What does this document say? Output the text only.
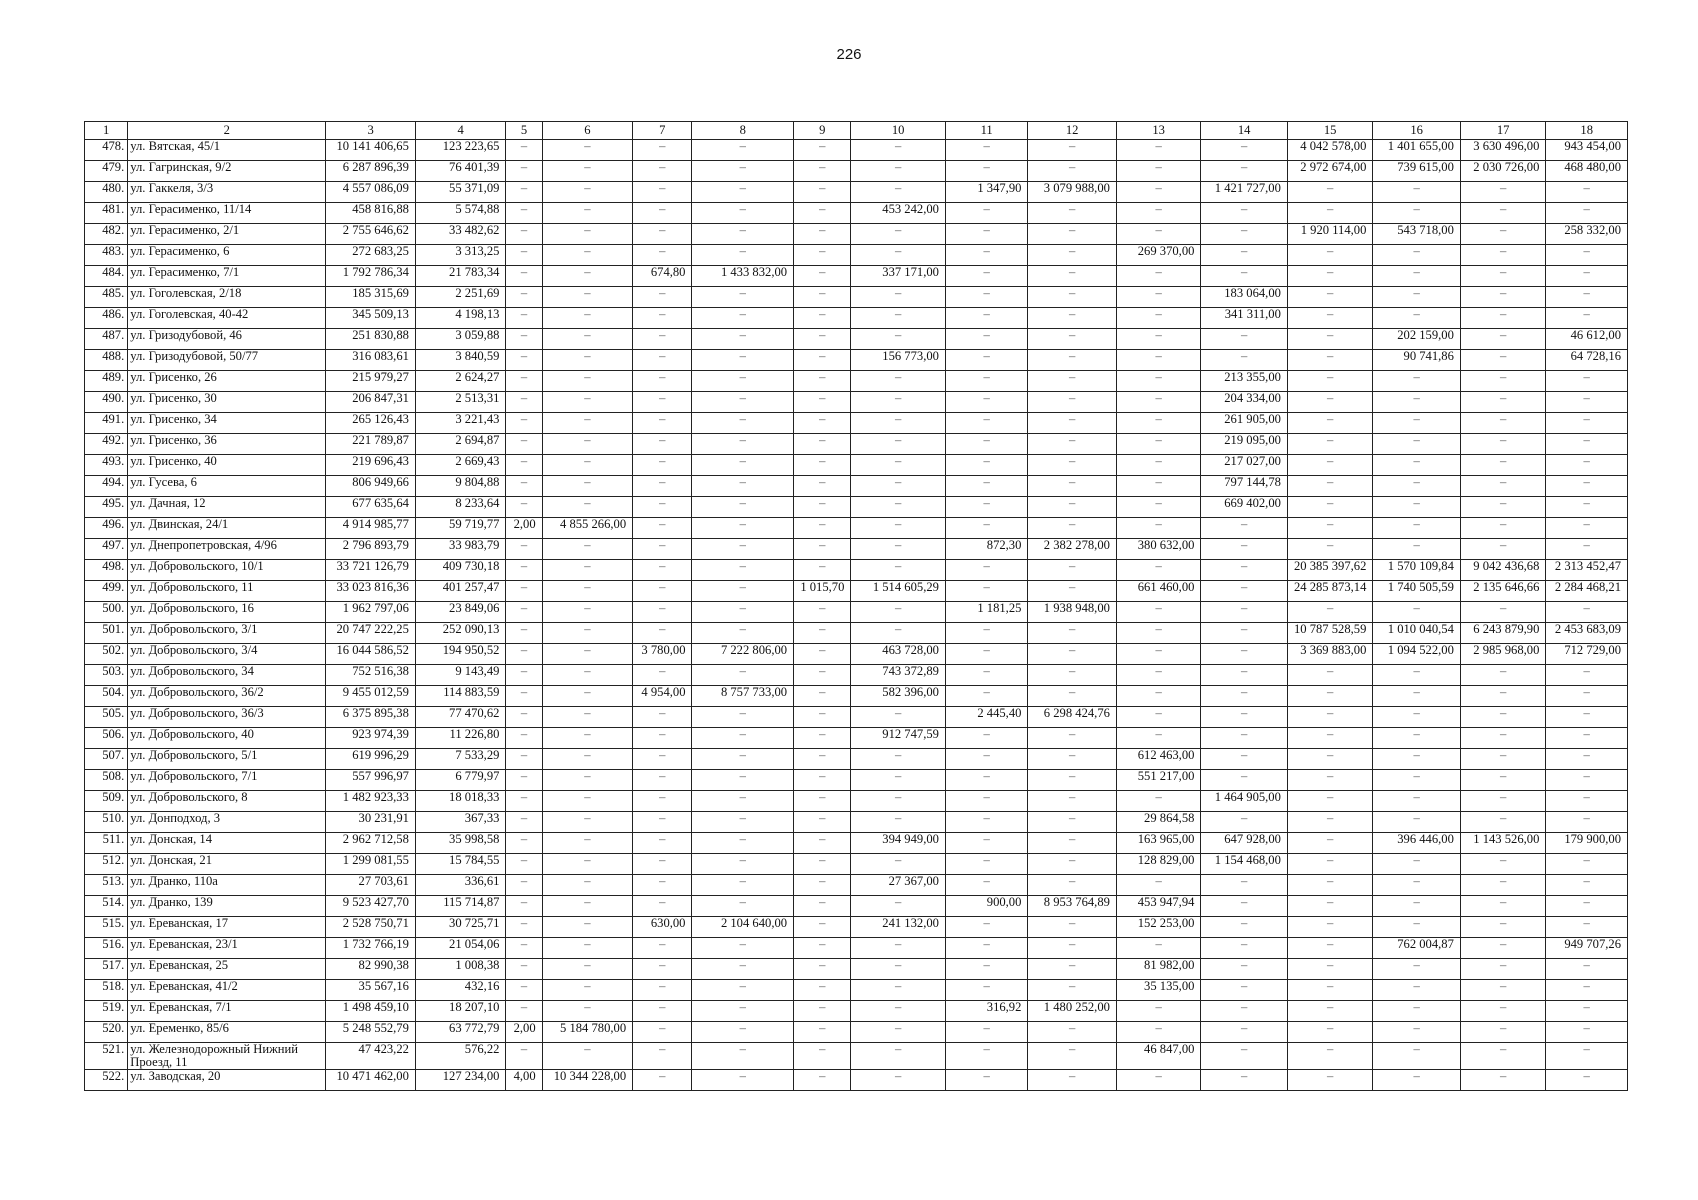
226
1	2	3	4	5	6	7	8	9	10	11	12	13	14	15	16	17	18
478.	ул. Вятская, 45/1	10 141 406,65	123 223,65	–	–	–	–	–	–	–	–	–	–	4 042 578,00	1 401 655,00	3 630 496,00	943 454,00
479.	ул. Гагринская, 9/2	6 287 896,39	76 401,39	–	–	–	–	–	–	–	–	–	–	2 972 674,00	739 615,00	2 030 726,00	468 480,00
480.	ул. Гаккеля, 3/3	4 557 086,09	55 371,09	–	–	–	–	–	–	1 347,90	3 079 988,00	–	1 421 727,00	–	–	–	–
481.	ул. Герасименко, 11/14	458 816,88	5 574,88	–	–	–	–	–	453 242,00	–	–	–	–	–	–	–	–
482.	ул. Герасименко, 2/1	2 755 646,62	33 482,62	–	–	–	–	–	–	–	–	–	–	1 920 114,00	543 718,00	–	258 332,00
483.	ул. Герасименко, 6	272 683,25	3 313,25	–	–	–	–	–	–	–	–	269 370,00	–	–	–	–	–
484.	ул. Герасименко, 7/1	1 792 786,34	21 783,34	–	–	674,80	1 433 832,00	–	337 171,00	–	–	–	–	–	–	–	–
485.	ул. Гоголевская, 2/18	185 315,69	2 251,69	–	–	–	–	–	–	–	–	–	183 064,00	–	–	–	–
486.	ул. Гоголевская, 40-42	345 509,13	4 198,13	–	–	–	–	–	–	–	–	–	341 311,00	–	–	–	–
487.	ул. Гризодубовой, 46	251 830,88	3 059,88	–	–	–	–	–	–	–	–	–	–	–	202 159,00	–	46 612,00
488.	ул. Гризодубовой, 50/77	316 083,61	3 840,59	–	–	–	–	–	156 773,00	–	–	–	–	–	90 741,86	–	64 728,16
489.	ул. Грисенко, 26	215 979,27	2 624,27	–	–	–	–	–	–	–	–	–	213 355,00	–	–	–	–
490.	ул. Грисенко, 30	206 847,31	2 513,31	–	–	–	–	–	–	–	–	–	204 334,00	–	–	–	–
491.	ул. Грисенко, 34	265 126,43	3 221,43	–	–	–	–	–	–	–	–	–	261 905,00	–	–	–	–
492.	ул. Грисенко, 36	221 789,87	2 694,87	–	–	–	–	–	–	–	–	–	219 095,00	–	–	–	–
493.	ул. Грисенко, 40	219 696,43	2 669,43	–	–	–	–	–	–	–	–	–	217 027,00	–	–	–	–
494.	ул. Гусева, 6	806 949,66	9 804,88	–	–	–	–	–	–	–	–	–	797 144,78	–	–	–	–
495.	ул. Дачная, 12	677 635,64	8 233,64	–	–	–	–	–	–	–	–	–	669 402,00	–	–	–	–
496.	ул. Двинская, 24/1	4 914 985,77	59 719,77	2,00	4 855 266,00	–	–	–	–	–	–	–	–	–	–	–	–
497.	ул. Днепропетровская, 4/96	2 796 893,79	33 983,79	–	–	–	–	–	–	872,30	2 382 278,00	380 632,00	–	–	–	–	–
498.	ул. Добровольского, 10/1	33 721 126,79	409 730,18	–	–	–	–	–	–	–	–	–	–	20 385 397,62	1 570 109,84	9 042 436,68	2 313 452,47
499.	ул. Добровольского, 11	33 023 816,36	401 257,47	–	–	–	–	1 015,70	1 514 605,29	–	–	661 460,00	–	24 285 873,14	1 740 505,59	2 135 646,66	2 284 468,21
500.	ул. Добровольского, 16	1 962 797,06	23 849,06	–	–	–	–	–	–	1 181,25	1 938 948,00	–	–	–	–	–	–
501.	ул. Добровольского, 3/1	20 747 222,25	252 090,13	–	–	–	–	–	–	–	–	–	–	10 787 528,59	1 010 040,54	6 243 879,90	2 453 683,09
502.	ул. Добровольского, 3/4	16 044 586,52	194 950,52	–	–	3 780,00	7 222 806,00	–	463 728,00	–	–	–	–	3 369 883,00	1 094 522,00	2 985 968,00	712 729,00
503.	ул. Добровольского, 34	752 516,38	9 143,49	–	–	–	–	–	743 372,89	–	–	–	–	–	–	–	–
504.	ул. Добровольского, 36/2	9 455 012,59	114 883,59	–	–	4 954,00	8 757 733,00	–	582 396,00	–	–	–	–	–	–	–	–
505.	ул. Добровольского, 36/3	6 375 895,38	77 470,62	–	–	–	–	–	–	2 445,40	6 298 424,76	–	–	–	–	–	–
506.	ул. Добровольского, 40	923 974,39	11 226,80	–	–	–	–	–	912 747,59	–	–	–	–	–	–	–	–
507.	ул. Добровольского, 5/1	619 996,29	7 533,29	–	–	–	–	–	–	–	–	612 463,00	–	–	–	–	–
508.	ул. Добровольского, 7/1	557 996,97	6 779,97	–	–	–	–	–	–	–	–	551 217,00	–	–	–	–	–
509.	ул. Добровольского, 8	1 482 923,33	18 018,33	–	–	–	–	–	–	–	–	–	1 464 905,00	–	–	–	–
510.	ул. Донподход, 3	30 231,91	367,33	–	–	–	–	–	–	–	–	29 864,58	–	–	–	–	–
511.	ул. Донская, 14	2 962 712,58	35 998,58	–	–	–	–	–	394 949,00	–	–	163 965,00	647 928,00	–	396 446,00	1 143 526,00	179 900,00
512.	ул. Донская, 21	1 299 081,55	15 784,55	–	–	–	–	–	–	–	–	128 829,00	1 154 468,00	–	–	–	–
513.	ул. Дранко, 110а	27 703,61	336,61	–	–	–	–	–	27 367,00	–	–	–	–	–	–	–	–
514.	ул. Дранко, 139	9 523 427,70	115 714,87	–	–	–	–	–	–	900,00	8 953 764,89	453 947,94	–	–	–	–	–
515.	ул. Ереванская, 17	2 528 750,71	30 725,71	–	–	630,00	2 104 640,00	–	241 132,00	–	–	152 253,00	–	–	–	–	–
516.	ул. Ереванская, 23/1	1 732 766,19	21 054,06	–	–	–	–	–	–	–	–	–	–	–	762 004,87	–	949 707,26
517.	ул. Ереванская, 25	82 990,38	1 008,38	–	–	–	–	–	–	–	–	81 982,00	–	–	–	–	–
518.	ул. Ереванская, 41/2	35 567,16	432,16	–	–	–	–	–	–	–	–	35 135,00	–	–	–	–	–
519.	ул. Ереванская, 7/1	1 498 459,10	18 207,10	–	–	–	–	–	–	316,92	1 480 252,00	–	–	–	–	–	–
520.	ул. Еременко, 85/6	5 248 552,79	63 772,79	2,00	5 184 780,00	–	–	–	–	–	–	–	–	–	–	–	–
521.	ул. Железнодорожный Нижний Проезд, 11	47 423,22	576,22	–	–	–	–	–	–	–	–	46 847,00	–	–	–	–	–
522.	ул. Заводская, 20	10 471 462,00	127 234,00	4,00	10 344 228,00	–	–	–	–	–	–	–	–	–	–	–	–
